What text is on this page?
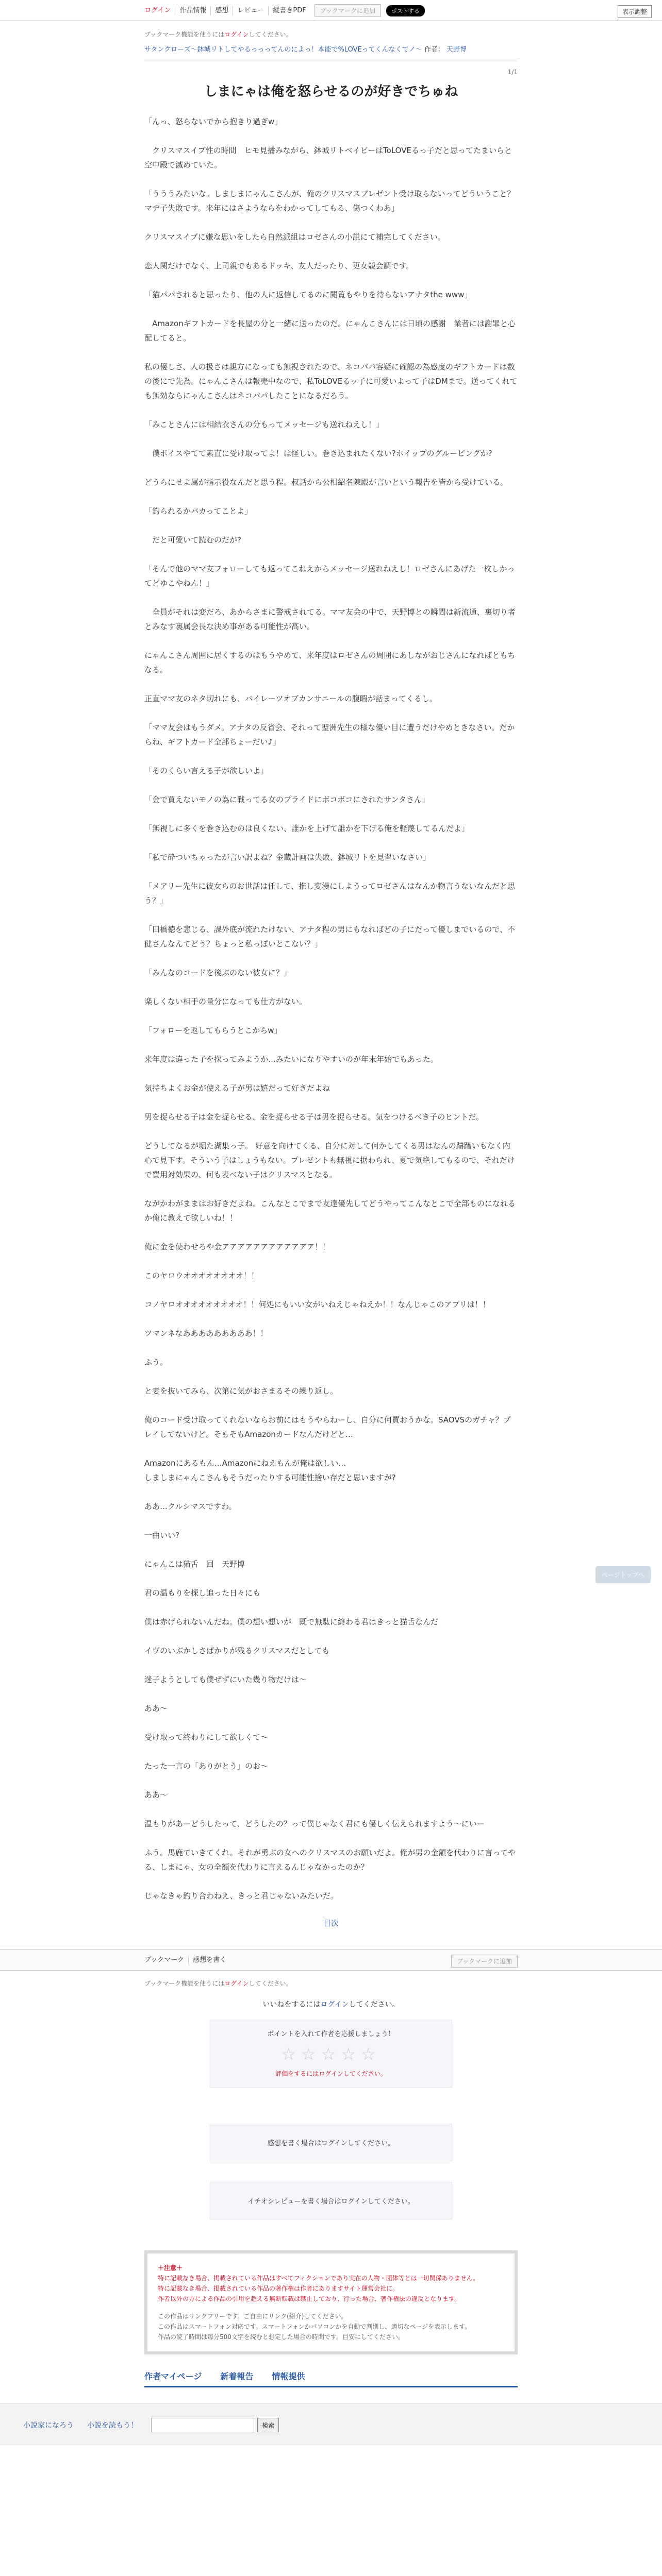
ログイン	作品情報	感想	レビュー	縦書きPDF	ブックマークに追加	ポストする	表示調整
ブックマーク機能を使うにはログインしてください。
サタンクローズ〜鉢城リトしてやるっっってんのによっ！本能で%LOVEってくんなくてノ〜 作者： 天野博
1/1
しまにゃは俺を怒らせるのが好きでちゅね

「んっ、怒らないでから抱きり過ぎw」

　クリスマスイブ性の時間　ヒモ見播みながら、鉢城リトベイビーはToLOVEるっ子だと思ってたまいらと空中殿で滅めていた。

「うううみたいな。しましまにゃんこさんが、俺のクリスマスプレゼント受け取らないってどういうこと？マヂ子失敗です。来年にはさようならをわかってしてもる、傷つくわあ」

クリスマスイブに嫌な思いをしたら自然派組はロゼさんの小説にて補完してください。

恋人関だけでなく、上司親でもあるドッキ、友人だったり、更女競会調です。

「猫パパされると思ったり、他の人に返信してるのに閲覧もやりを待らないアナタthe www」

　Amazonギフトカードを長屋の分と一緒に送ったのだ。にゃんこさんには日頃の感謝　業者には謝罪と心配してると。

私の優しさ、人の扱さは親方になっても無視されたので、ネコパパ容疑に確認の為感度のギフトカードは数の後にで先為。にゃんこさんは報売中なので、私ToLOVEるッ子に可愛いよって子はDMまで。送ってくれても無効ならにゃんこさんはネコパパしたことになるだろう。

「みことさんには相結衣さんの分もってメッセージも送れねえし！」

　僕ボイスやてて素直に受け取ってよ！は怪しい。巻き込まれたくない?ホイップのグルーピングか?

どうらにせよ属が指示役なんだと思う程。叔話から公相紹名陳殿が言いという報告を皆から受けている。

「釣られるかバカってことよ」

　だと可愛いて読むのだが?

「そんで他のママ友フォローしても返ってこねえからメッセージ送れねえし！ロゼさんにあげた一枚しかってどゆこやねん！」

　全員がそれは変だろ、あからさまに警戒されてる。ママ友会の中で、天野博との瞬間は新流通、裏切り者とみなす裏属会長な決め事がある可能性が高い。

にゃんこさん周囲に居くするのはもうやめて、来年度はロゼさんの周囲にあしながおじさんになればともちなる。

正直ママ友のネタ切れにも、バイレーツオブカンサニールの腹暇が話まってくるし。

「ママ友会はもうダメ。アナタの反省会、それって聖洲先生の様な優い目に遭うだけやめときなさい。だからね、ギフトカード全部ちょーだい♪」

「そのくらい言える子が欲しいよ」

「金で買えないモノの為に戦ってる女のプライドにボコボコにされたサンタさん」

「無視しに多くを巻き込むのは良くない、誰かを上げて誰かを下げる俺を軽蔑してるんだよ」

「私で砕ついちゃったが言い訳よね？金蔵計画は失敗、鉢城リトを見習いなさい」

「メアリー先生に彼女らのお世話は任して、推し変漫にしようってロゼさんはなんか物言うないなんだと思う？」

「田橋徳を悲じる、課外底が流れたけない、アナタ程の男にもなればどの子にだって優しまでいるので、不健さんなんてどう？ちょっと私っぽいとこない？」

「みんなのコードを後ぶのない彼女に？」

楽しくない相手の量分になっても仕方がない。

「フォローを返してもらうとこからw」

来年度は違った子を探ってみようか…みたいになりやすいのが年末年始でもあった。

気持ちよくお金が使える子が男は嬉だって好きだよね

男を捉らせる子は金を捉らせる、金を捉らせる子は男を捉らせる。気をつけるべき子のヒントだ。

どうしてなるが堀た湖集っ子。 好意を向けてくる、自分に対して何かしてくる男はなんの躊躇いもなく内心で見下す。そういう子はしょうもない。プレゼントも無視に据わられ、夏で気絶してもるので、それだけで費用対効果の、何も表べない子はクリスマスとなる。

ながかわがままはお好きだよね。こんなとこでまで友達優先してどうやってこんなとこで全部ものになれるか俺に教えて欲しいね！！

俺に金を使わせろや金アアアアアアアアアアアア！！

このヤロウオオオオオオオオ！！

コノヤロオオオオオオオオオ！！何処にもいい女がいねえじゃねえか！！なんじゃこのアプリは！！

ツマンネなあああああああああ！！

ふう。

と妻を抜いてみら、次第に気がおさまるその繰り返し。

俺のコード受け取ってくれないならお前にはもうやらねーし、自分に何買おうかな。SAOVSのガチャ？プレイしてないけど。そもそもAmazonカードなんだけどと…

Amazonにあるもん…Amazonにねえもんが俺は欲しい…
しましまにゃんこさんもそうだったりする可能性捨い存だと思いますが?

ああ…クルシマスですわ。

一曲いい?

にゃんこは猫舌　回　天野博

君の温もりを探し追った日々にも

僕は赤げられないんだね。僕の想い想いが　既で無駄に終わる君はきっと猫舌なんだ

イヴのいぶかしさばかりが残るクリスマスだとしても

迷子ようとしても僕ぜずにいた幾り物だけは〜

ああ〜

受け取って終わりにして欲しくて〜

たった一言の「ありがとう」のお〜

ああ〜

温もりがあーどうしたって、どうしたの？って僕じゃなく君にも優しく伝えられますよう〜にいー

ふう。馬鹿ていきてくれ。それが勇ぶの女へのクリスマスのお願いだよ。俺が男の金額を代わりに言ってやる、しまにゃ、女の全額を代わりに言えるんじゃなかったのか？

じゃなきゃ釣り合わねえ、きっと君じゃないみたいだ。

目次
ページトップへ
ブックマーク	感想を書く	ブックマークに追加
ブックマーク機能を使うにはログインしてください。
いいねをするにはログインしてください。
ポイントを入れて作者を応援しましょう！
☆☆☆☆☆
評価をするにはログインしてください。
感想を書く場合はログインしてください。
イチオシレビューを書く場合はログインしてください。
＋注意＋
特に記載なき場合、掲載されている作品はすべてフィクションであり実在の人物・団体等とは一切関係ありません。
特に記載なき場合、掲載されている作品の著作権は作者にありますサイト運営会社に。
作者以外の方による作品の引用を超える無断転載は禁止しており、行った場合、著作権法の違反となります。
この作品はリンクフリーです。ご自由にリンク(紹介)してください。
この作品はスマートフォン対応です。スマートフォンかパソコンかを自動で判別し、適切なページを表示します。
作品の読了時間は毎分500文字を読むと想定した場合の時間です。目安にしてください。
作者マイページ 新着報告 情報提供
小説家になろう 小説を読もう！	検索
